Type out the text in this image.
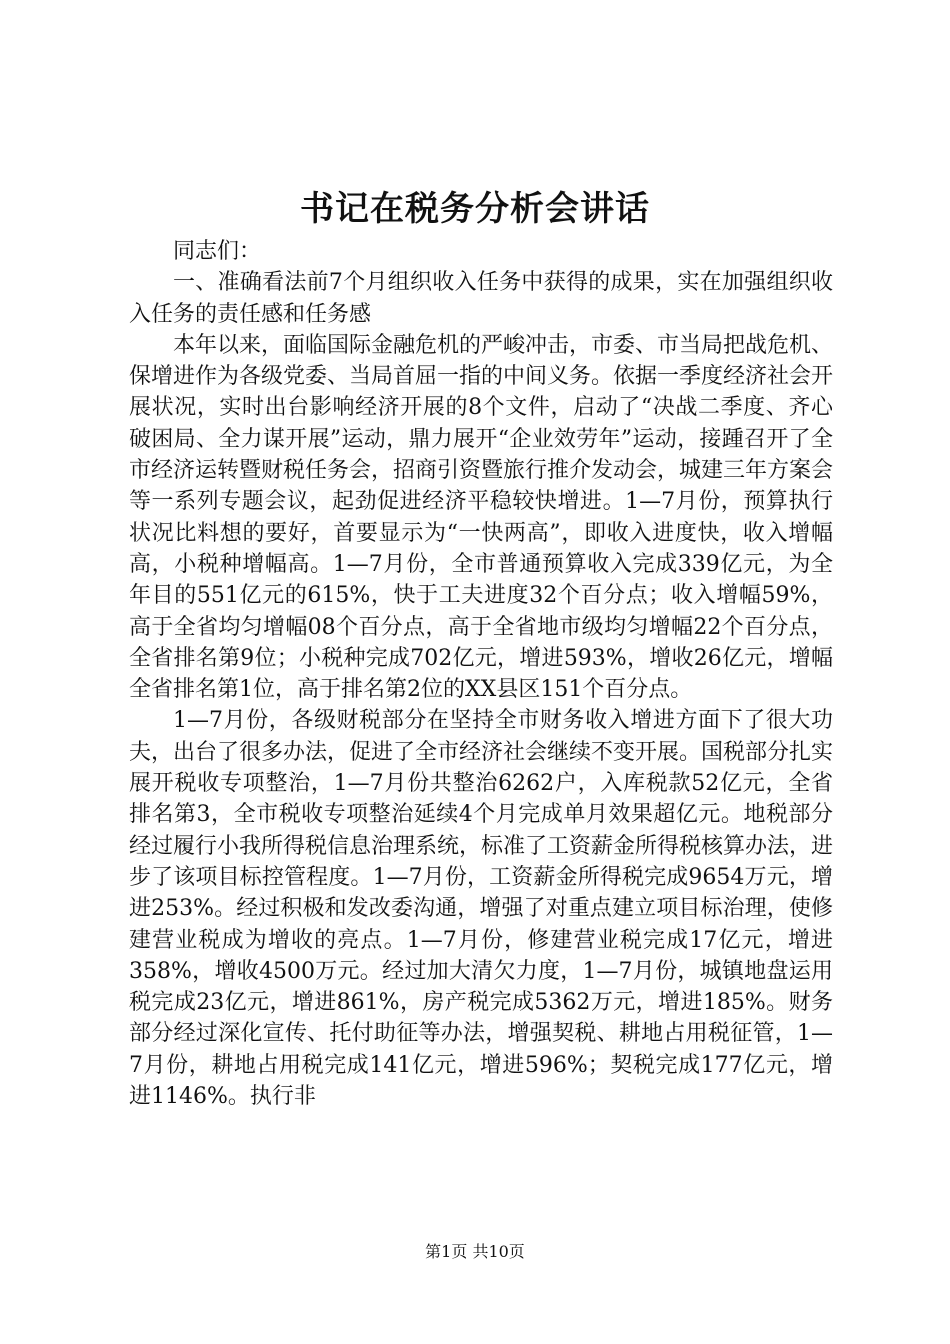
书记在税务分析会讲话

同志们：

一、准确看法前7个月组织收入任务中获得的成果，实在加强组织收入任务的责任感和任务感

本年以来，面临国际金融危机的严峻冲击，市委、市当局把战危机、保增进作为各级党委、当局首屈一指的中间义务。依据一季度经济社会开展状况，实时出台影响经济开展的8个文件，启动了“决战二季度、齐心破困局、全力谋开展”运动，鼎力展开“企业效劳年”运动，接踵召开了全市经济运转暨财税任务会，招商引资暨旅行推介发动会，城建三年方案会等一系列专题会议，起劲促进经济平稳较快增进。1—7月份，预算执行状况比料想的要好，首要显示为“一快两高”，即收入进度快，收入增幅高，小税种增幅高。1—7月份，全市普通预算收入完成339亿元，为全年目的551亿元的615%，快于工夫进度32个百分点；收入增幅59%，高于全省均匀增幅08个百分点，高于全省地市级均匀增幅22个百分点，全省排名第9位；小税种完成702亿元，增进593%，增收26亿元，增幅全省排名第1位，高于排名第2位的XX县区151个百分点。

1—7月份，各级财税部分在坚持全市财务收入增进方面下了很大功夫，出台了很多办法，促进了全市经济社会继续不变开展。国税部分扎实展开税收专项整治，1—7月份共整治6262户，入库税款52亿元，全省排名第3，全市税收专项整治延续4个月完成单月效果超亿元。地税部分经过履行小我所得税信息治理系统，标准了工资薪金所得税核算办法，进步了该项目标控管程度。1—7月份，工资薪金所得税完成9654万元，增进253%。经过积极和发改委沟通，增强了对重点建立项目标治理，使修建营业税成为增收的亮点。1—7月份，修建营业税完成17亿元，增进358%，增收4500万元。经过加大清欠力度，1—7月份，城镇地盘运用税完成23亿元，增进861%，房产税完成5362万元，增进185%。财务部分经过深化宣传、托付助征等办法，增强契税、耕地占用税征管，1—7月份，耕地占用税完成141亿元，增进596%；契税完成177亿元，增进1146%。执行非

第1页 共10页
